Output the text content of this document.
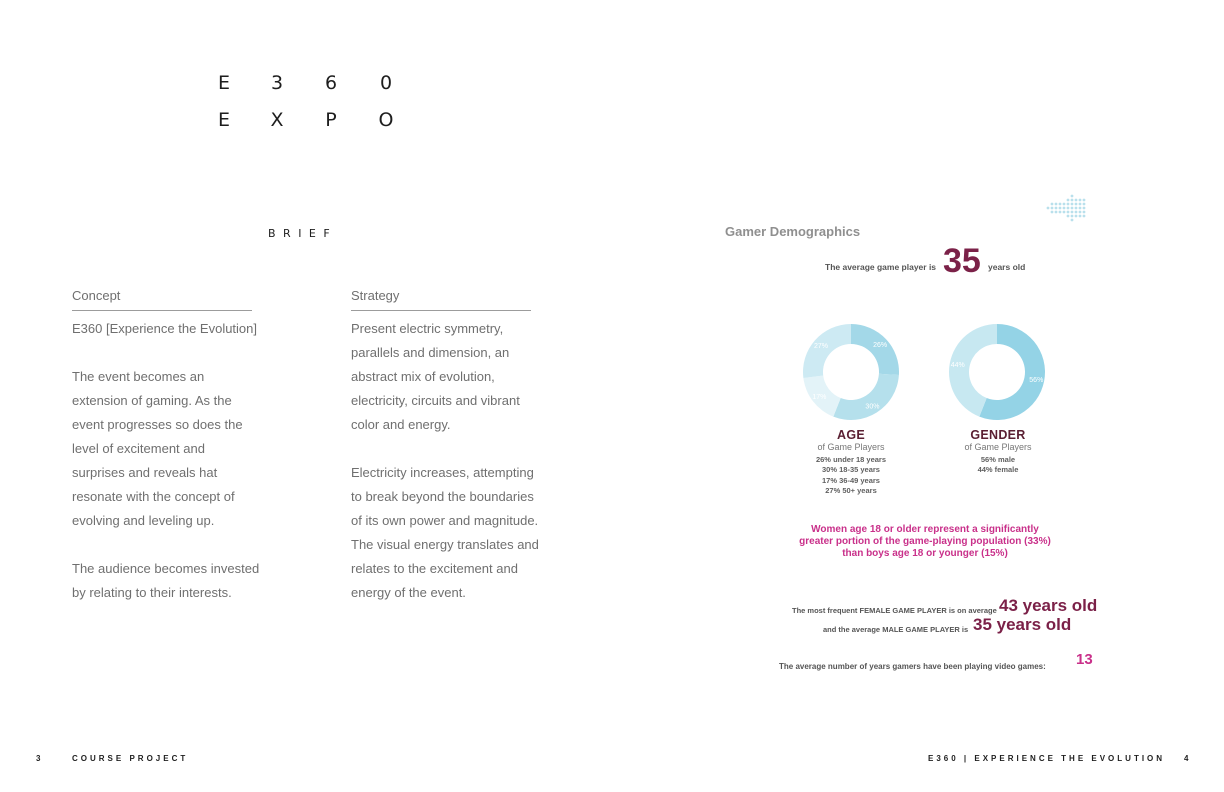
E	3	6	0
E	X	P	O
BRIEF
Concept

E360 [Experience the Evolution]

The event becomes an

extension of gaming. As the

event progresses so does the

level of excitement and

surprises and reveals hat

resonate with the concept of

evolving and leveling up.

The audience becomes invested

by relating to their interests.

Strategy

Present electric symmetry,

parallels and dimension, an

abstract mix of evolution,

electricity, circuits and vibrant

color and energy.

Electricity increases, attempting

to break beyond the boundaries

of its own power and magnitude.

The visual energy translates and

relates to the excitement and

energy of the event.

Gamer Demographics
The average game player is 35 years old
26%
30%
17%
27%
56%
44%
AGE
of Game Players
26% under 18 years
30% 18-35 years
17% 36-49 years
27% 50+ years
GENDER
of Game Players
56% male
44% female
Women age 18 or older represent a significantly
greater portion of the game-playing population (33%)
than boys age 18 or younger (15%)
The most frequent FEMALE GAME PLAYER is on average 43 years old
and the average MALE GAME PLAYER is 35 years old
The average number of years gamers have been playing video games: 13
3	COURSE PROJECT	E360 | EXPERIENCE THE EVOLUTION 4
